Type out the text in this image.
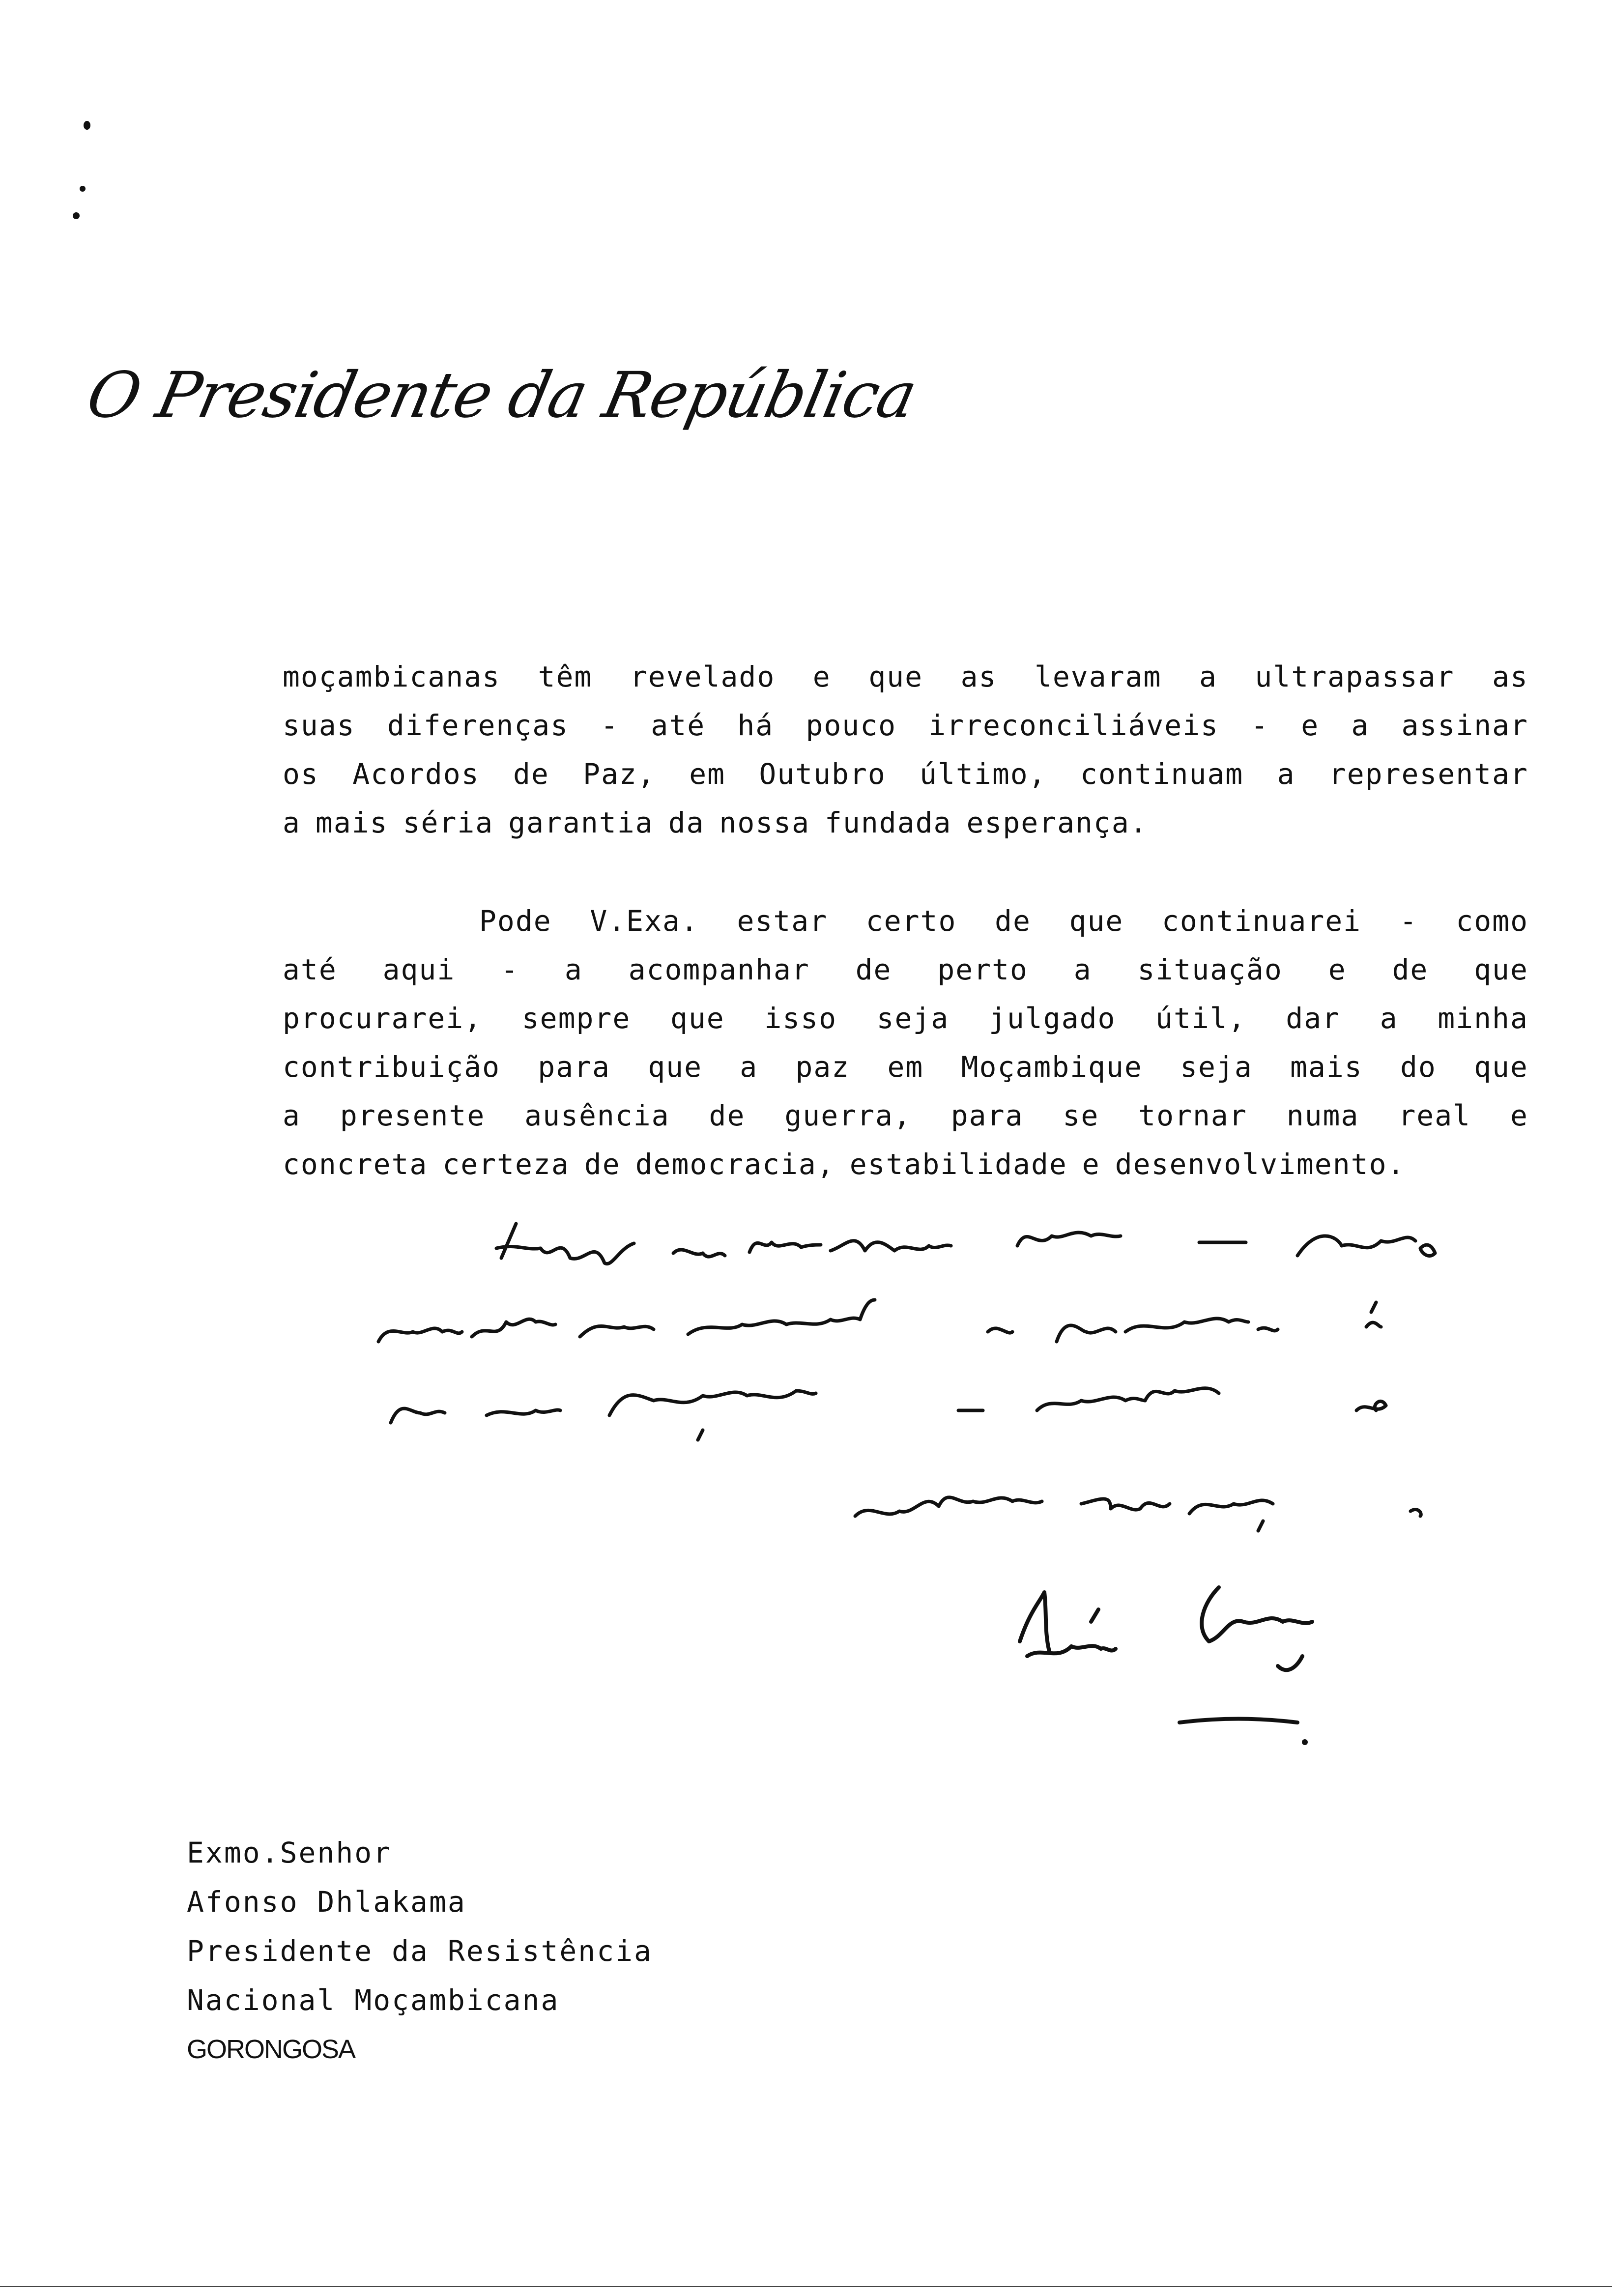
O Presidente da República
moçambicanas têm revelado e que as levaram a ultrapassar as
suas diferenças - até há pouco irreconciliáveis - e a assinar
os Acordos de Paz, em Outubro último, continuam a representar
a mais séria garantia da nossa fundada esperança.
Pode V.Exa. estar certo de que continuarei - como
até aqui - a acompanhar de perto a situação e de que
procurarei, sempre que isso seja julgado útil, dar a minha
contribuição para que a paz em Moçambique seja mais do que
a presente ausência de guerra, para se tornar numa real e
concreta certeza de democracia, estabilidade e desenvolvimento.
Exmo.Senhor
Afonso Dhlakama
Presidente da Resistência
Nacional Moçambicana
GORONGOSA
